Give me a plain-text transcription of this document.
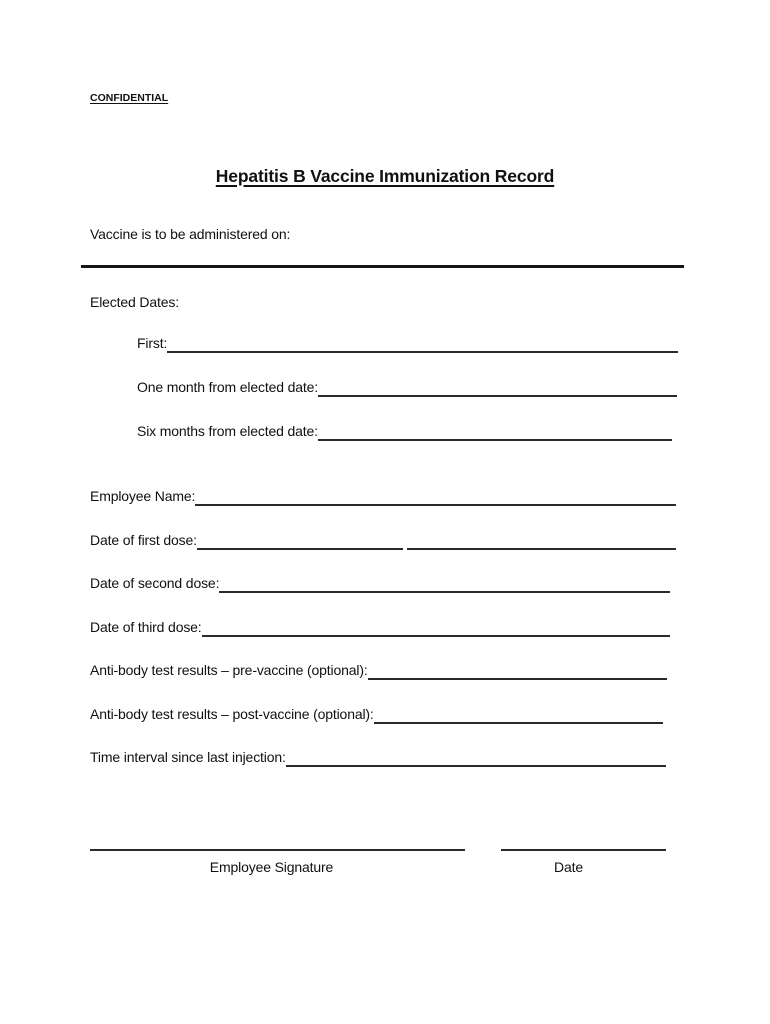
CONFIDENTIAL
Hepatitis B Vaccine Immunization Record
Vaccine is to be administered on:
Elected Dates:
First:
One month from elected date:
Six months from elected date:
Employee Name:
Date of first dose:
Date of second dose:
Date of third dose:
Anti-body test results – pre-vaccine (optional):
Anti-body test results – post-vaccine (optional):
Time interval since last injection:
Employee Signature	Date
